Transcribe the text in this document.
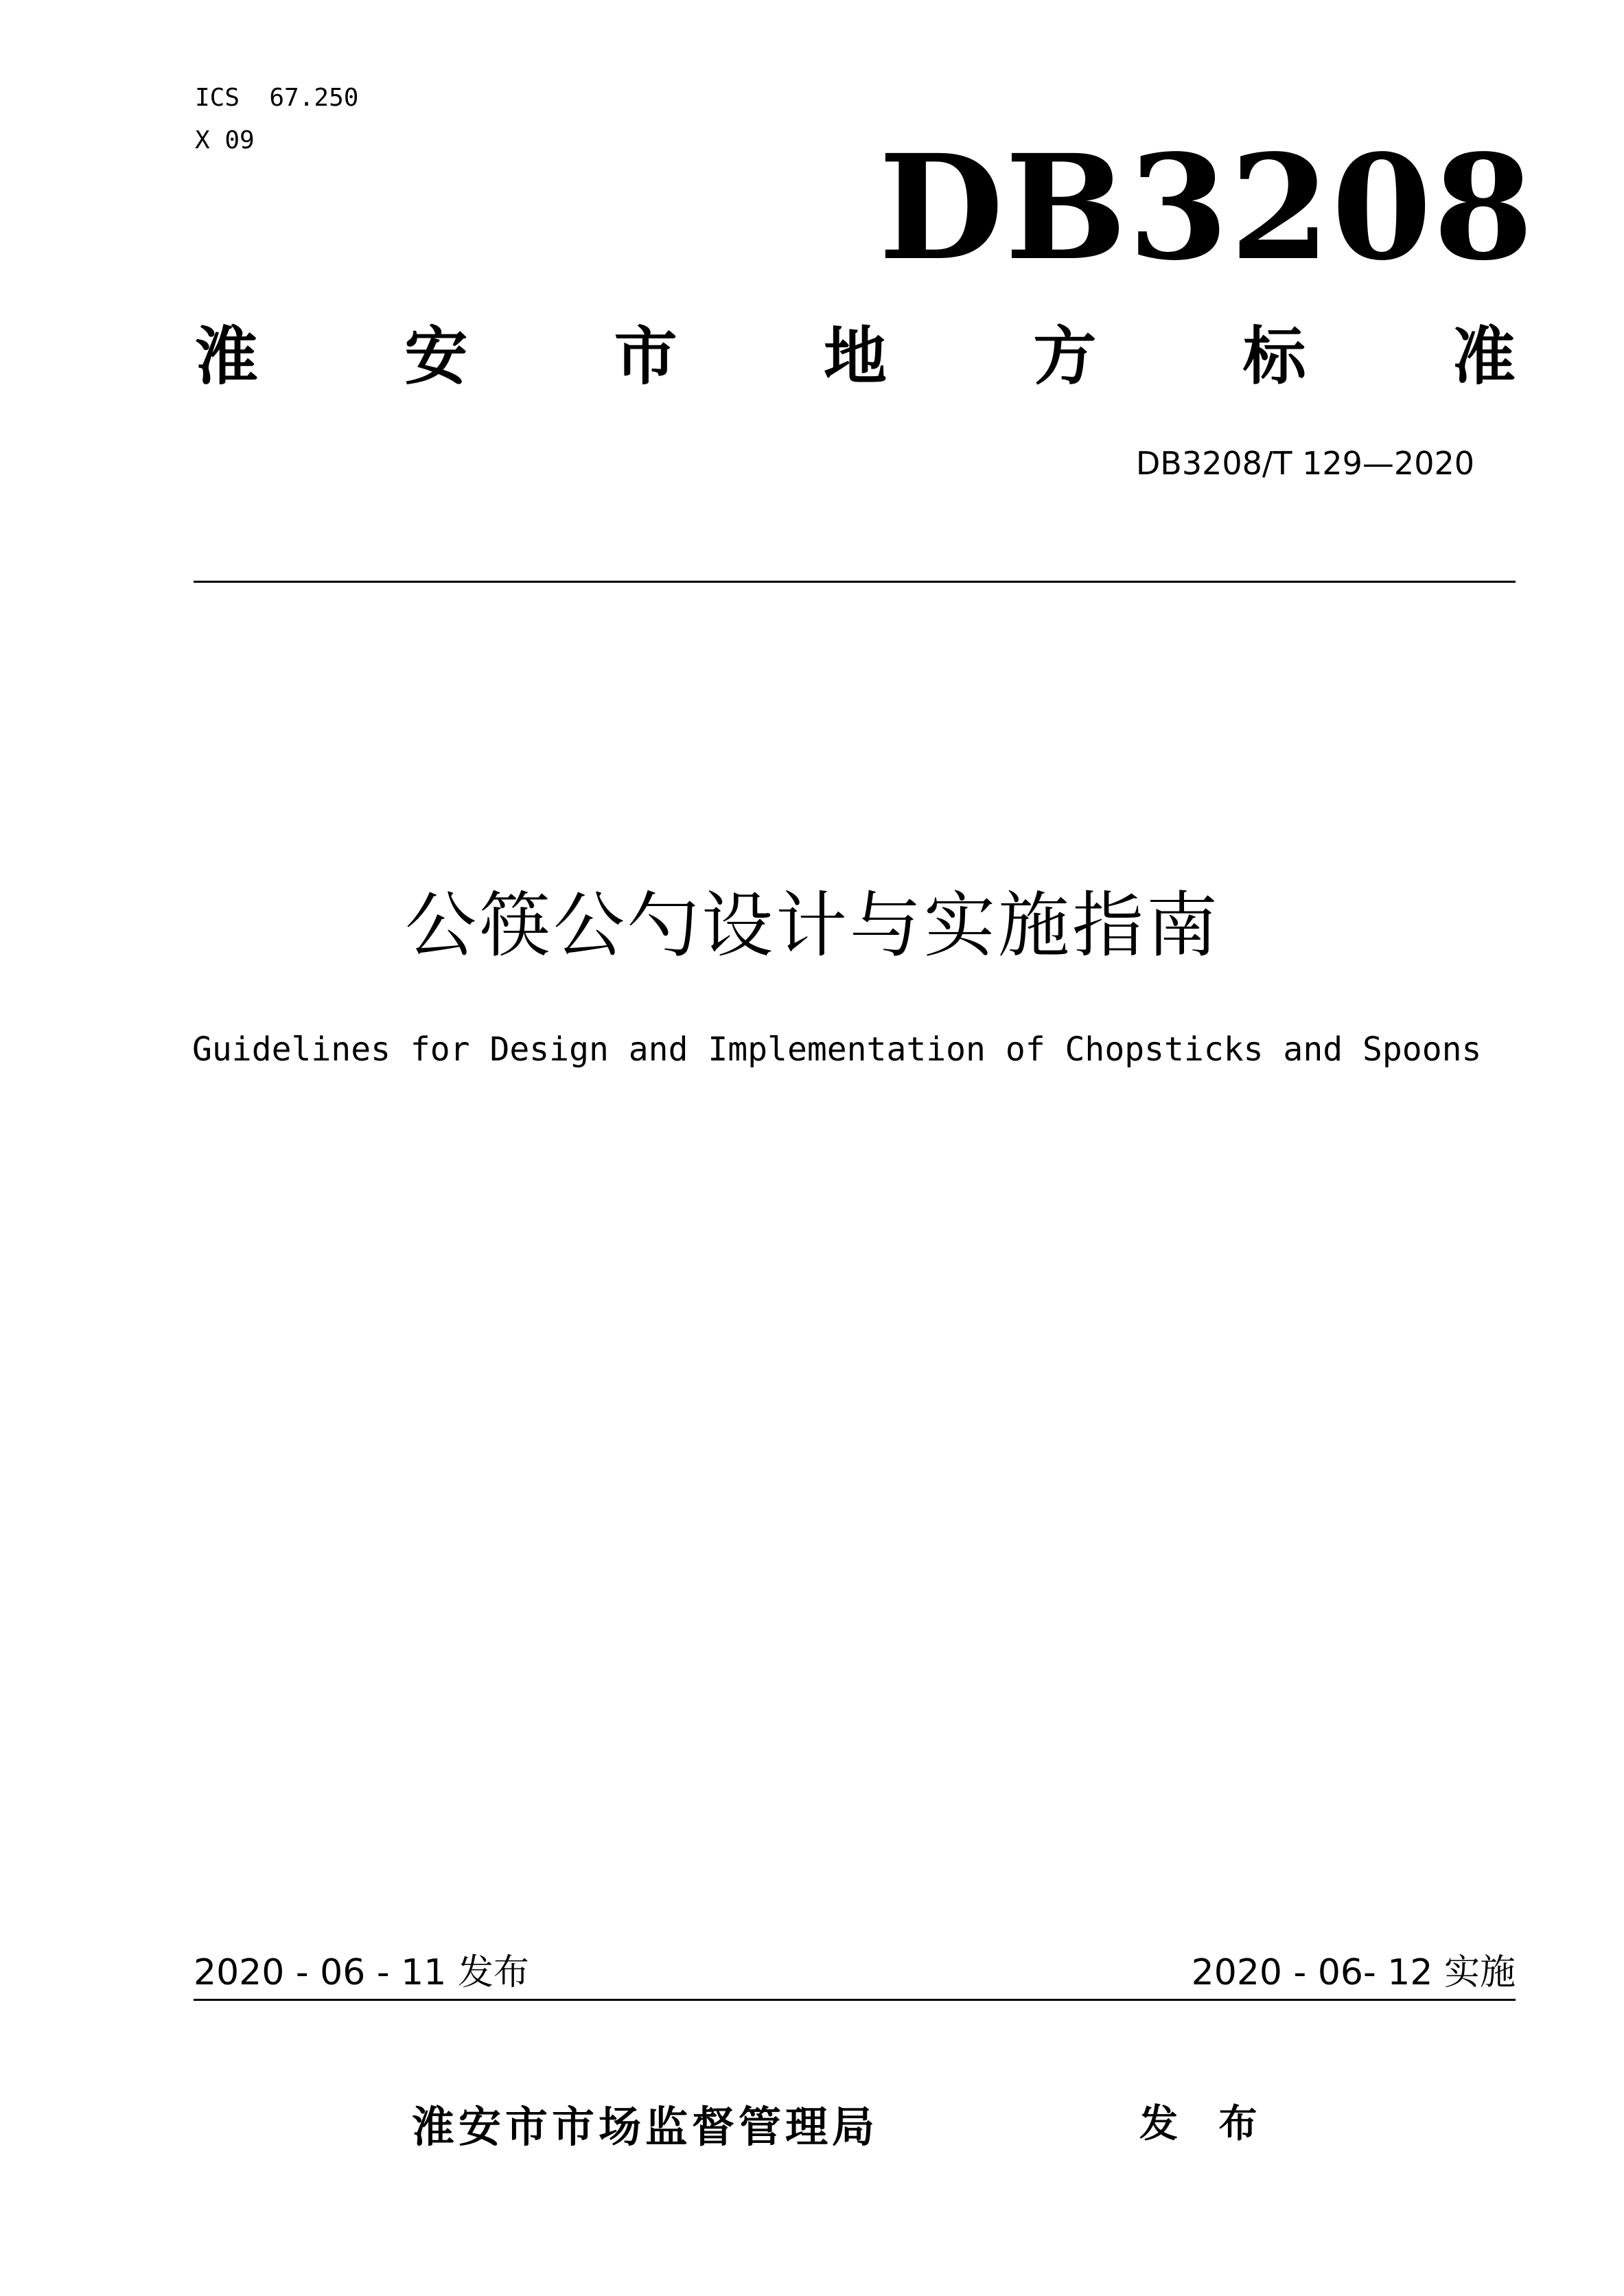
ICS  67.250
X 09	DB3208
淮 安 市 地 方 标 准
DB3208/T 129—2020
公筷公勺设计与实施指南
Guidelines for Design and Implementation of Chopsticks and Spoons
2020 - 06 - 11 发布	2020 - 06- 12 实施
淮安市市场监督管理局	发 布
